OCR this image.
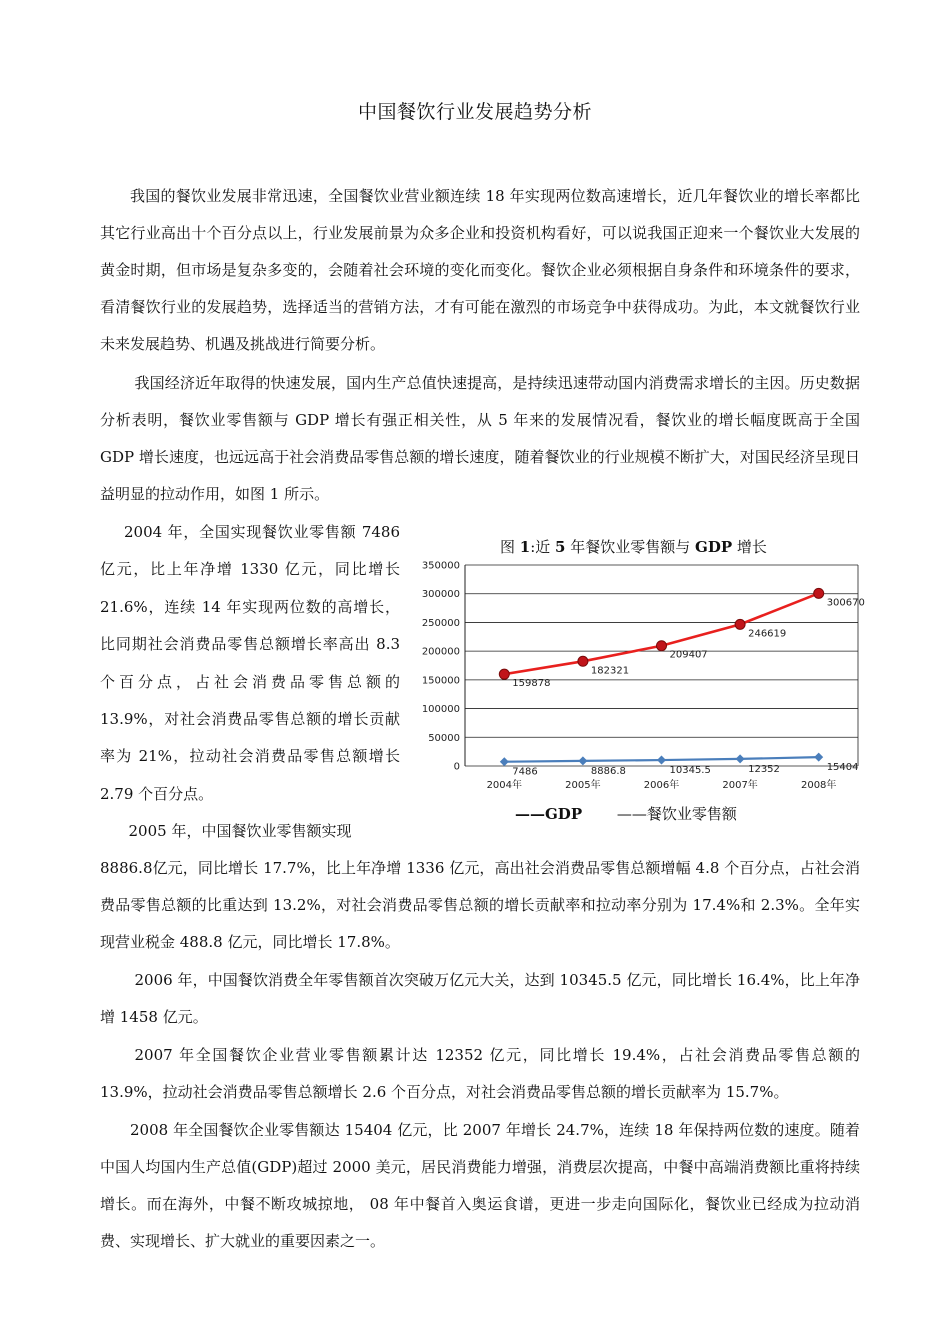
中国餐饮行业发展趋势分析
我国的餐饮业发展非常迅速，全国餐饮业营业额连续 18 年实现两位数高速增长，近几年餐饮业的增长率都比其它行业高出十个百分点以上，行业发展前景为众多企业和投资机构看好，可以说我国正迎来一个餐饮业大发展的黄金时期，但市场是复杂多变的，会随着社会环境的变化而变化。餐饮企业必须根据自身条件和环境条件的要求，看清餐饮行业的发展趋势，选择适当的营销方法，才有可能在激烈的市场竞争中获得成功。为此，本文就餐饮行业未来发展趋势、机遇及挑战进行简要分析。
我国经济近年取得的快速发展，国内生产总值快速提高，是持续迅速带动国内消费需求增长的主因。历史数据分析表明，餐饮业零售额与 GDP 增长有强正相关性，从 5 年来的发展情况看，餐饮业的增长幅度既高于全国 GDP 增长速度，也远远高于社会消费品零售总额的增长速度，随着餐饮业的行业规模不断扩大，对国民经济呈现日益明显的拉动作用，如图 1 所示。
2004 年，全国实现餐饮业零售额 7486 亿元，比上年净增 1330 亿元，同比增长 21.6%，连续 14 年实现两位数的高增长，比同期社会消费品零售总额增长率高出 8.3 个百分点，占社会消费品零售总额的 13.9%，对社会消费品零售总额的增长贡献率为 21%，拉动社会消费品零售总额增长 2.79 个百分点。
2005 年，中国餐饮业零售额实现
8886.8亿元，同比增长 17.7%，比上年净增 1336 亿元，高出社会消费品零售总额增幅 4.8 个百分点，占社会消费品零售总额的比重达到 13.2%，对社会消费品零售总额的增长贡献率和拉动率分别为 17.4%和 2.3%。全年实现营业税金 488.8 亿元，同比增长 17.8%。
2006 年，中国餐饮消费全年零售额首次突破万亿元大关，达到 10345.5 亿元，同比增长 16.4%，比上年净增 1458 亿元。
2007 年全国餐饮企业营业零售额累计达 12352 亿元，同比增长 19.4%，占社会消费品零售总额的 13.9%，拉动社会消费品零售总额增长 2.6 个百分点，对社会消费品零售总额的增长贡献率为 15.7%。
2008 年全国餐饮企业零售额达 15404 亿元，比 2007 年增长 24.7%，连续 18 年保持两位数的速度。随着中国人均国内生产总值(GDP)超过 2000 美元，居民消费能力增强，消费层次提高，中餐中高端消费额比重将持续增长。而在海外，中餐不断攻城掠地， 08 年中餐首入奥运食谱，更进一步走向国际化，餐饮业已经成为拉动消费、实现增长、扩大就业的重要因素之一。
图 1:近 5 年餐饮业零售额与 GDP 增长
0
50000
100000
150000
200000
250000
300000
350000
2004年	2005年	2006年	2007年	2008年
159878
182321
209407
246619
300670
7486	8886.8	10345.5	12352	15404
——GDP ——餐饮业零售额
